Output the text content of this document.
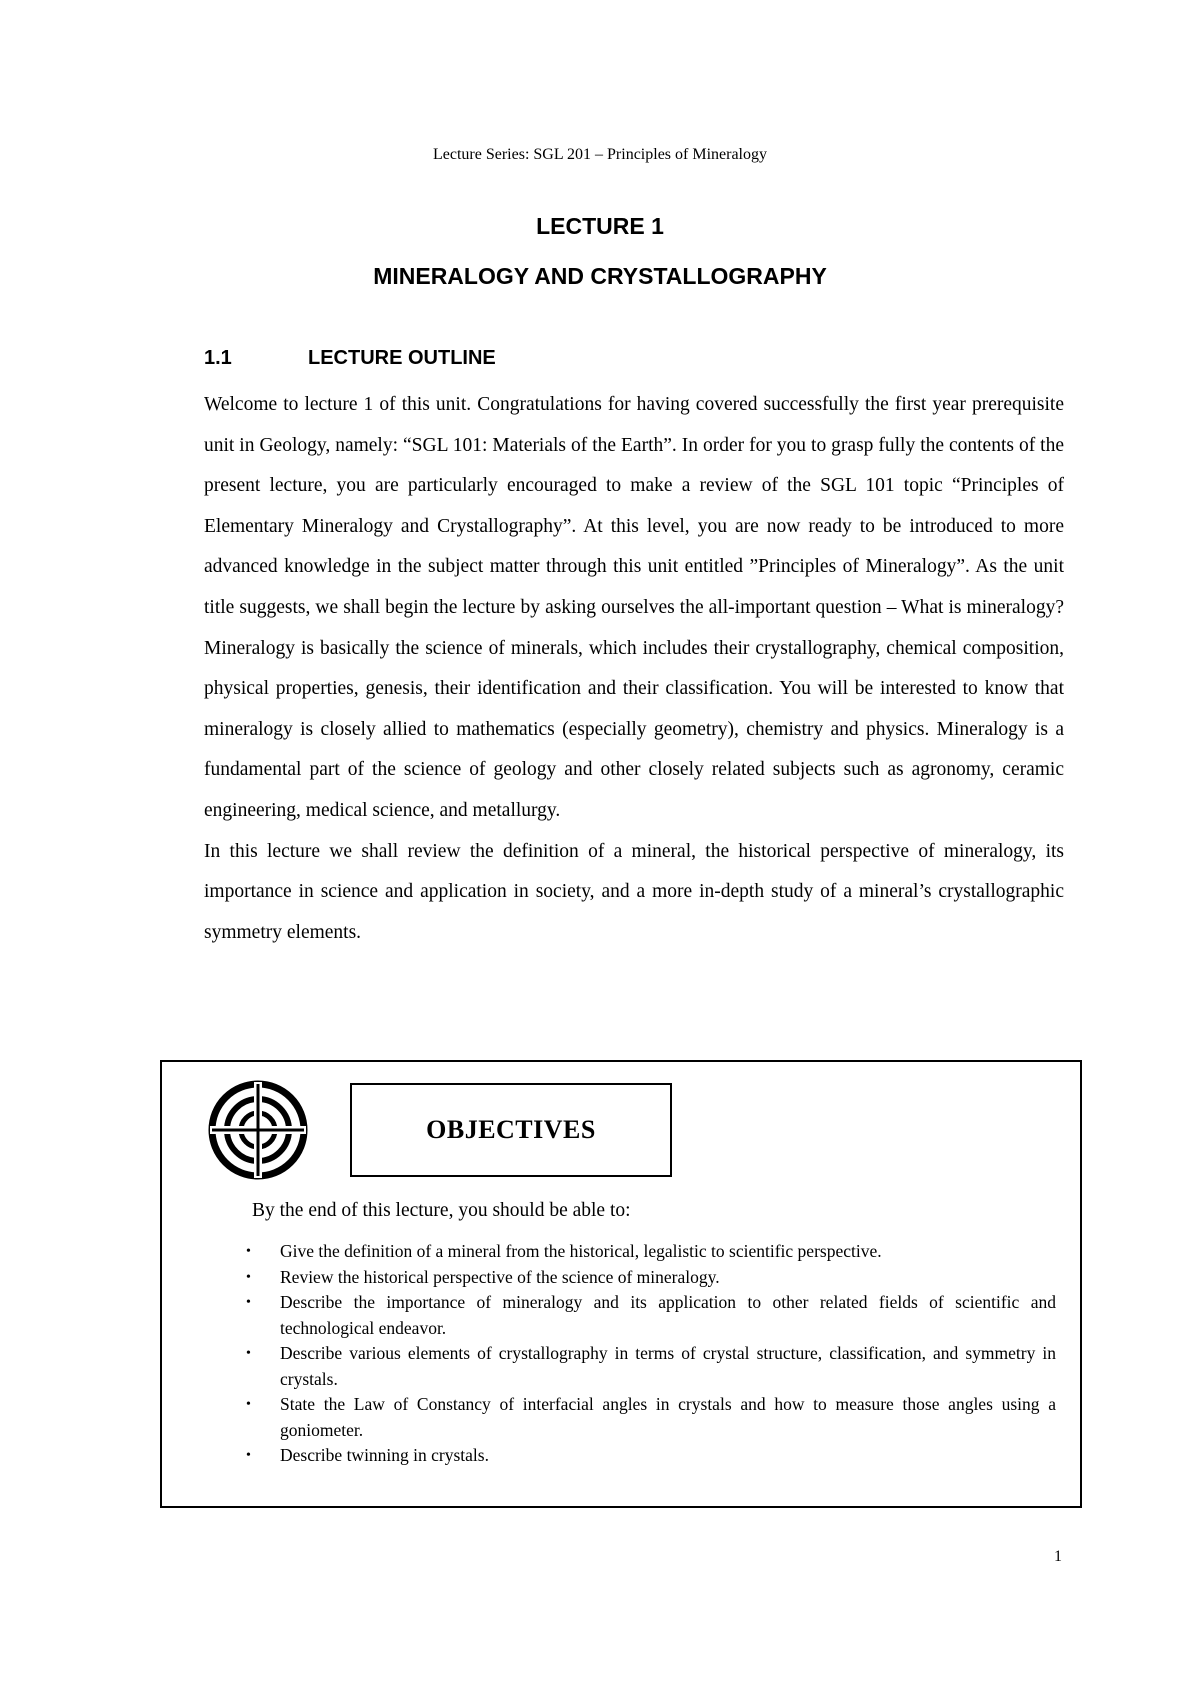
Lecture Series: SGL 201 – Principles of Mineralogy
LECTURE 1
MINERALOGY AND CRYSTALLOGRAPHY
1.1	LECTURE OUTLINE

Welcome to lecture 1 of this unit. Congratulations for having covered successfully the first year prerequisite unit in Geology, namely: “SGL 101: Materials of the Earth”. In order for you to grasp fully the contents of the present lecture, you are particularly encouraged to make a review of the SGL 101 topic “Principles of Elementary Mineralogy and Crystallography”. At this level, you are now ready to be introduced to more advanced knowledge in the subject matter through this unit entitled ”Principles of Mineralogy”. As the unit title suggests, we shall begin the lecture by asking ourselves the all-important question – What is mineralogy? Mineralogy is basically the science of minerals, which includes their crystallography, chemical composition, physical properties, genesis, their identification and their classification. You will be interested to know that mineralogy is closely allied to mathematics (especially geometry), chemistry and physics. Mineralogy is a fundamental part of the science of geology and other closely related subjects such as agronomy, ceramic engineering, medical science, and metallurgy.

In this lecture we shall review the definition of a mineral, the historical perspective of mineralogy, its importance in science and application in society, and a more in-depth study of a mineral’s crystallographic symmetry elements.

OBJECTIVES
By the end of this lecture, you should be able to:
• Give the definition of a mineral from the historical, legalistic to scientific perspective.
• Review the historical perspective of the science of mineralogy.
• Describe the importance of mineralogy and its application to other related fields of scientific and technological endeavor.
• Describe various elements of crystallography in terms of crystal structure, classification, and symmetry in crystals.
• State the Law of Constancy of interfacial angles in crystals and how to measure those angles using a goniometer.
• Describe twinning in crystals.
1
